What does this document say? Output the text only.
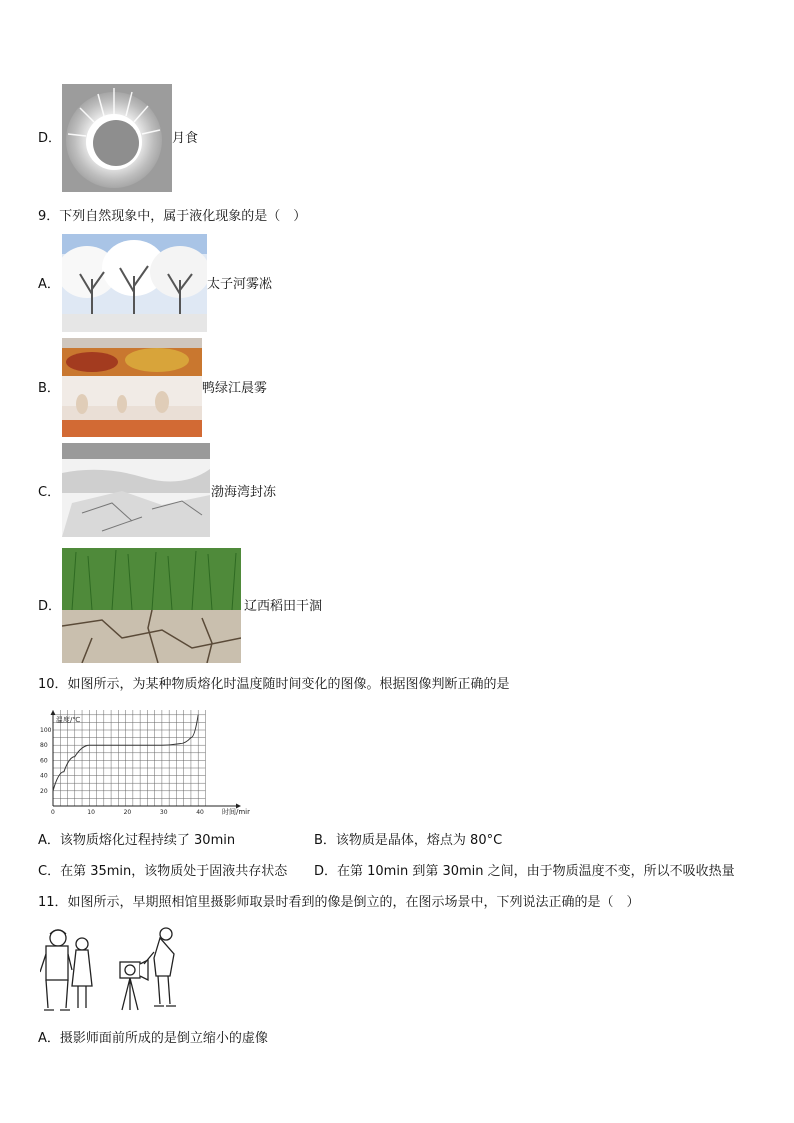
D．	月食
9．下列自然现象中，属于液化现象的是（　）
A．	太子河雾凇
B．	鸭绿江晨雾
C．	渤海湾封冻
D．	辽西稻田干涸
10．如图所示，为某种物质熔化时温度随时间变化的图像。根据图像判断正确的是
温度/℃
时间/min
0	10	20	30	40
20
40
60
80
100
A．该物质熔化过程持续了 30min	B．该物质是晶体，熔点为 80°C
C．在第 35min，该物质处于固液共存状态 D．在第 10min 到第 30min 之间，由于物质温度不变，所以不吸收热量
11．如图所示，早期照相馆里摄影师取景时看到的像是倒立的，在图示场景中，下列说法正确的是（　）
A．摄影师面前所成的是倒立缩小的虚像
